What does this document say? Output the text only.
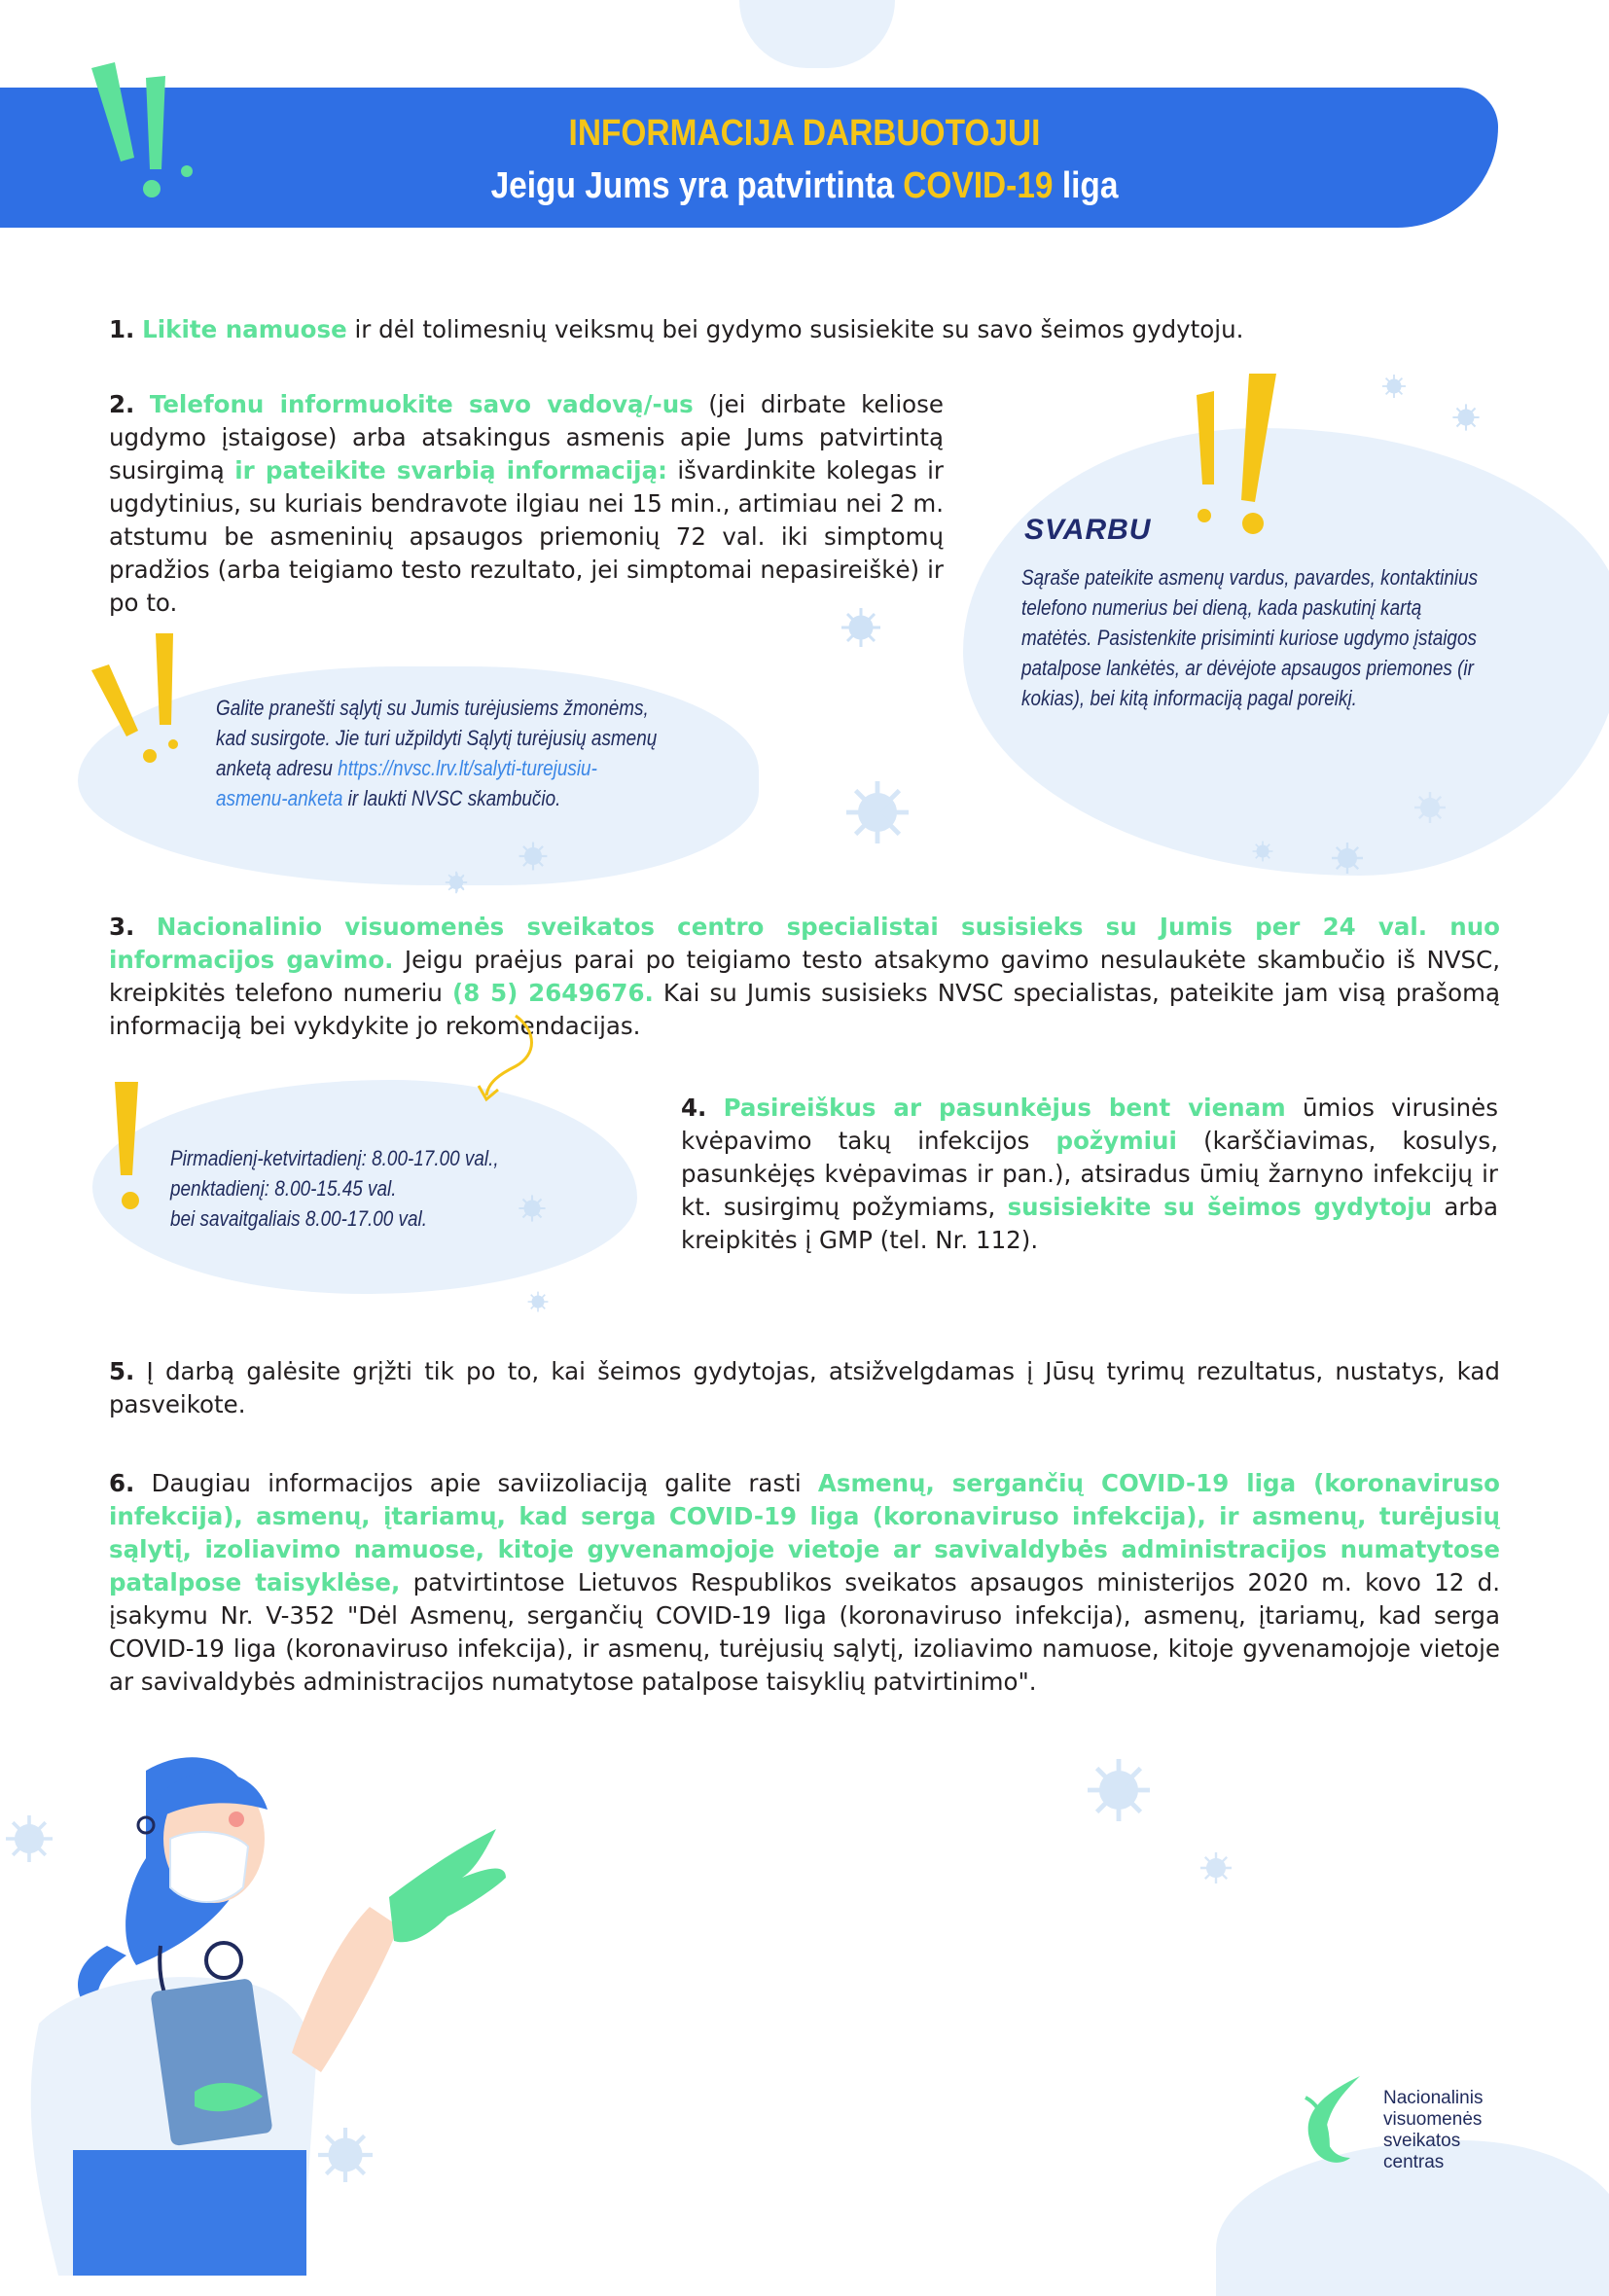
INFORMACIJA DARBUOTOJUI
Jeigu Jums yra patvirtinta COVID-19 liga
1. Likite namuose ir dėl tolimesnių veiksmų bei gydymo susisiekite su savo šeimos gydytoju.
2. Telefonu informuokite savo vadovą/-us (jei dirbate keliose ugdymo įstaigose) arba atsakingus asmenis apie Jums patvirtintą susirgimą ir pateikite svarbią informaciją: išvardinkite kolegas ir ugdytinius, su kuriais bendravote ilgiau nei 15 min., artimiau nei 2 m. atstumu be asmeninių apsaugos priemonių 72 val. iki simptomų pradžios (arba teigiamo testo rezultato, jei simptomai nepasireiškė) ir po to.
SVARBU
Sąraše pateikite asmenų vardus, pavardes, kontaktinius telefono numerius bei dieną, kada paskutinį kartą matėtės. Pasistenkite prisiminti kuriose ugdymo įstaigos patalpose lankėtės, ar dėvėjote apsaugos priemones (ir kokias), bei kitą informaciją pagal poreikį.
Galite pranešti sąlytį su Jumis turėjusiems žmonėms, kad susirgote. Jie turi užpildyti Sąlytį turėjusių asmenų anketą adresu https://nvsc.lrv.lt/salyti-turejusiu-asmenu-anketa ir laukti NVSC skambučio.
3. Nacionalinio visuomenės sveikatos centro specialistai susisieks su Jumis per 24 val. nuo informacijos gavimo. Jeigu praėjus parai po teigiamo testo atsakymo gavimo nesulaukėte skambučio iš NVSC, kreipkitės telefono numeriu (8 5) 2649676. Kai su Jumis susisieks NVSC specialistas, pateikite jam visą prašomą informaciją bei vykdykite jo rekomendacijas.
Pirmadienį-ketvirtadienį: 8.00-17.00 val.,
penktadienį: 8.00-15.45 val.
bei savaitgaliais 8.00-17.00 val.
4. Pasireiškus ar pasunkėjus bent vienam ūmios virusinės kvėpavimo takų infekcijos požymiui (karščiavimas, kosulys, pasunkėjęs kvėpavimas ir pan.), atsiradus ūmių žarnyno infekcijų ir kt. susirgimų požymiams, susisiekite su šeimos gydytoju arba kreipkitės į GMP (tel. Nr. 112).
5. Į darbą galėsite grįžti tik po to, kai šeimos gydytojas, atsižvelgdamas į Jūsų tyrimų rezultatus, nustatys, kad pasveikote.
6. Daugiau informacijos apie saviizoliaciją galite rasti Asmenų, sergančių COVID-19 liga (koronaviruso infekcija), asmenų, įtariamų, kad serga COVID-19 liga (koronaviruso infekcija), ir asmenų, turėjusių sąlytį, izoliavimo namuose, kitoje gyvenamojoje vietoje ar savivaldybės administracijos numatytose patalpose taisyklėse, patvirtintose Lietuvos Respublikos sveikatos apsaugos ministerijos 2020 m. kovo 12 d. įsakymu Nr. V-352 "Dėl Asmenų, sergančių COVID-19 liga (koronaviruso infekcija), asmenų, įtariamų, kad serga COVID-19 liga (koronaviruso infekcija), ir asmenų, turėjusių sąlytį, izoliavimo namuose, kitoje gyvenamojoje vietoje ar savivaldybės administracijos numatytose patalpose taisyklių patvirtinimo".
Nacionalinis
visuomenės
sveikatos
centras
